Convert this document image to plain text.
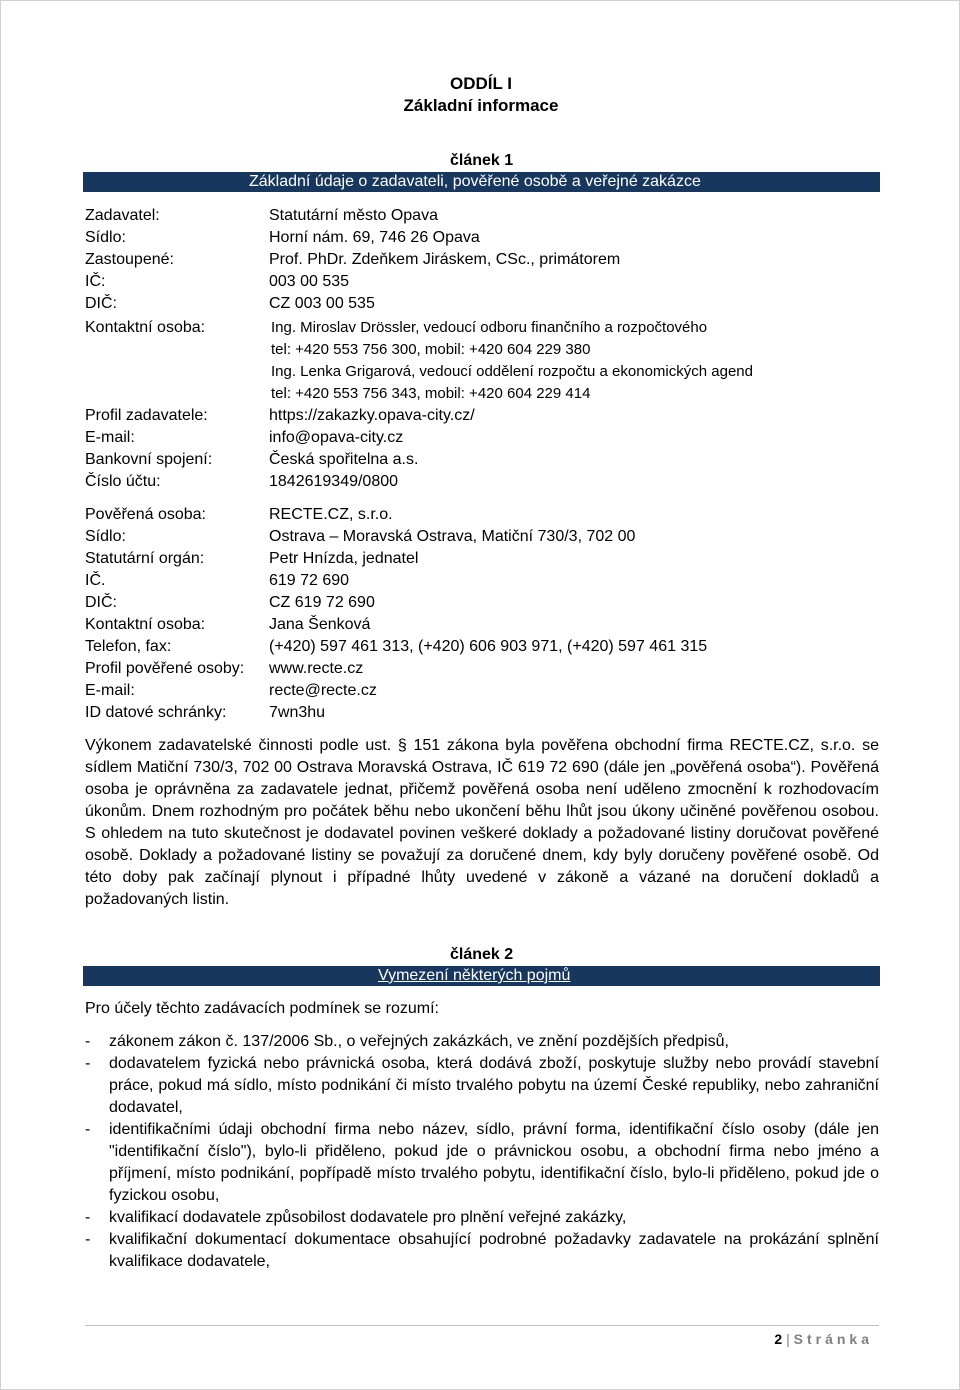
ODDÍL I
Základní informace
článek 1
Základní údaje o zadavateli, pověřené osobě a veřejné zakázce
Zadavatel:	Statutární město Opava
Sídlo:	Horní nám. 69, 746 26 Opava
Zastoupené:	Prof. PhDr. Zdeňkem Jiráskem, CSc., primátorem
IČ:	003 00 535
DIČ:	CZ 003 00 535
Kontaktní osoba:	Ing. Miroslav Drössler, vedoucí odboru finančního a rozpočtového
tel: +420 553 756 300, mobil: +420 604 229 380
Ing. Lenka Grigarová, vedoucí oddělení rozpočtu a ekonomických agend
tel: +420 553 756 343, mobil: +420 604 229 414
Profil zadavatele:	https://zakazky.opava-city.cz/
E-mail:	info@opava-city.cz
Bankovní spojení:	Česká spořitelna a.s.
Číslo účtu:	1842619349/0800
Pověřená osoba:	RECTE.CZ, s.r.o.
Sídlo:	Ostrava – Moravská Ostrava, Matiční 730/3, 702 00
Statutární orgán:	Petr Hnízda, jednatel
IČ.	619 72 690
DIČ:	CZ 619 72 690
Kontaktní osoba:	Jana Šenková
Telefon, fax:	(+420) 597 461 313, (+420) 606 903 971, (+420) 597 461 315
Profil pověřené osoby: www.recte.cz
E-mail:	recte@recte.cz
ID datové schránky:	7wn3hu
Výkonem zadavatelské činnosti podle ust. § 151 zákona byla pověřena obchodní firma RECTE.CZ, s.r.o. se sídlem Matiční 730/3, 702 00 Ostrava Moravská Ostrava, IČ 619 72 690 (dále jen „pověřená osoba“). Pověřená osoba je oprávněna za zadavatele jednat, přičemž pověřená osoba není uděleno zmocnění k rozhodovacím úkonům. Dnem rozhodným pro počátek běhu nebo ukončení běhu lhůt jsou úkony učiněné pověřenou osobou. S ohledem na tuto skutečnost je dodavatel povinen veškeré doklady a požadované listiny doručovat pověřené osobě. Doklady a požadované listiny se považují za doručené dnem, kdy byly doručeny pověřené osobě. Od této doby pak začínají plynout i případné lhůty uvedené v zákoně a vázané na doručení dokladů a požadovaných listin.
článek 2
Vymezení některých pojmů
Pro účely těchto zadávacích podmínek se rozumí:
- zákonem zákon č. 137/2006 Sb., o veřejných zakázkách, ve znění pozdějších předpisů,
- dodavatelem fyzická nebo právnická osoba, která dodává zboží, poskytuje služby nebo provádí stavební práce, pokud má sídlo, místo podnikání či místo trvalého pobytu na území České republiky, nebo zahraniční dodavatel,
- identifikačními údaji obchodní firma nebo název, sídlo, právní forma, identifikační číslo osoby (dále jen "identifikační číslo"), bylo-li přiděleno, pokud jde o právnickou osobu, a obchodní firma nebo jméno a příjmení, místo podnikání, popřípadě místo trvalého pobytu, identifikační číslo, bylo-li přiděleno, pokud jde o fyzickou osobu,
- kvalifikací dodavatele způsobilost dodavatele pro plnění veřejné zakázky,
- kvalifikační dokumentací dokumentace obsahující podrobné požadavky zadavatele na prokázání splnění kvalifikace dodavatele,
2 | Stránka
